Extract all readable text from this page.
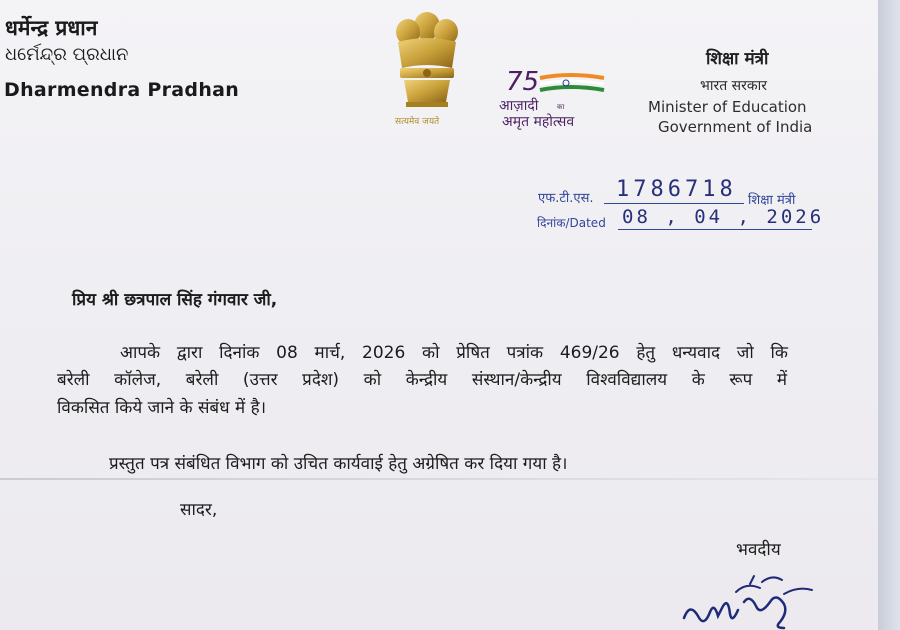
धर्मेन्द्र प्रधान
ଧର୍ମେନ୍ଦ୍ର ପ୍ରଧାନ
Dharmendra Pradhan
सत्यमेव जयते
75
आज़ादी	का
अमृत महोत्सव
शिक्षा मंत्री
भारत सरकार
Minister of Education
Government of India
एफ.टी.एस. 1786718 शिक्षा मंत्री
दिनांक/Dated 08 , 04 , 2026
प्रिय श्री छत्रपाल सिंह गंगवार जी,
आपके द्वारा दिनांक 08 मार्च, 2026 को प्रेषित पत्रांक 469/26 हेतु धन्यवाद जो कि
बरेली कॉलेज, बरेली (उत्तर प्रदेश) को केन्द्रीय संस्थान/केन्द्रीय विश्वविद्यालय के रूप में
विकसित किये जाने के संबंध में है।
प्रस्तुत पत्र संबंधित विभाग को उचित कार्यवाई हेतु अग्रेषित कर दिया गया है।
सादर,
भवदीय
